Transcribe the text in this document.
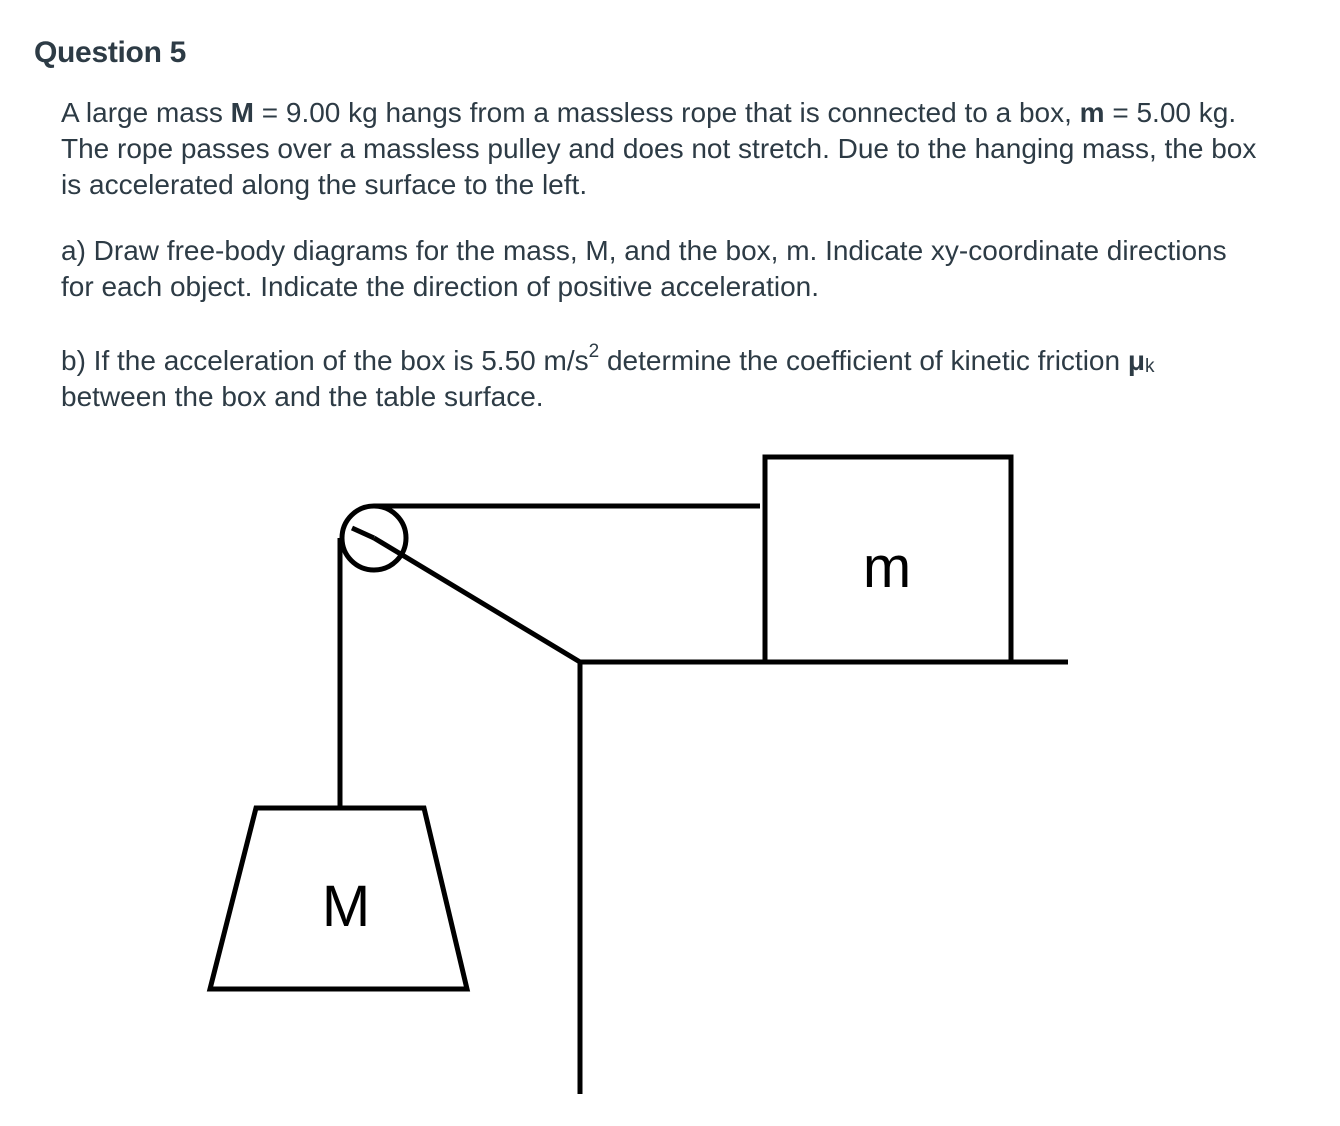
Question 5
A large mass M = 9.00 kg hangs from a massless rope that is connected to a box, m = 5.00 kg. The rope passes over a massless pulley and does not stretch. Due to the hanging mass, the box is accelerated along the surface to the left.
a) Draw free-body diagrams for the mass, M, and the box, m. Indicate xy-coordinate directions for each object. Indicate the direction of positive acceleration.
b) If the acceleration of the box is 5.50 $m/s^2$ determine the coefficient of kinetic friction $\mu_k$ between the box and the table surface.
m
M
